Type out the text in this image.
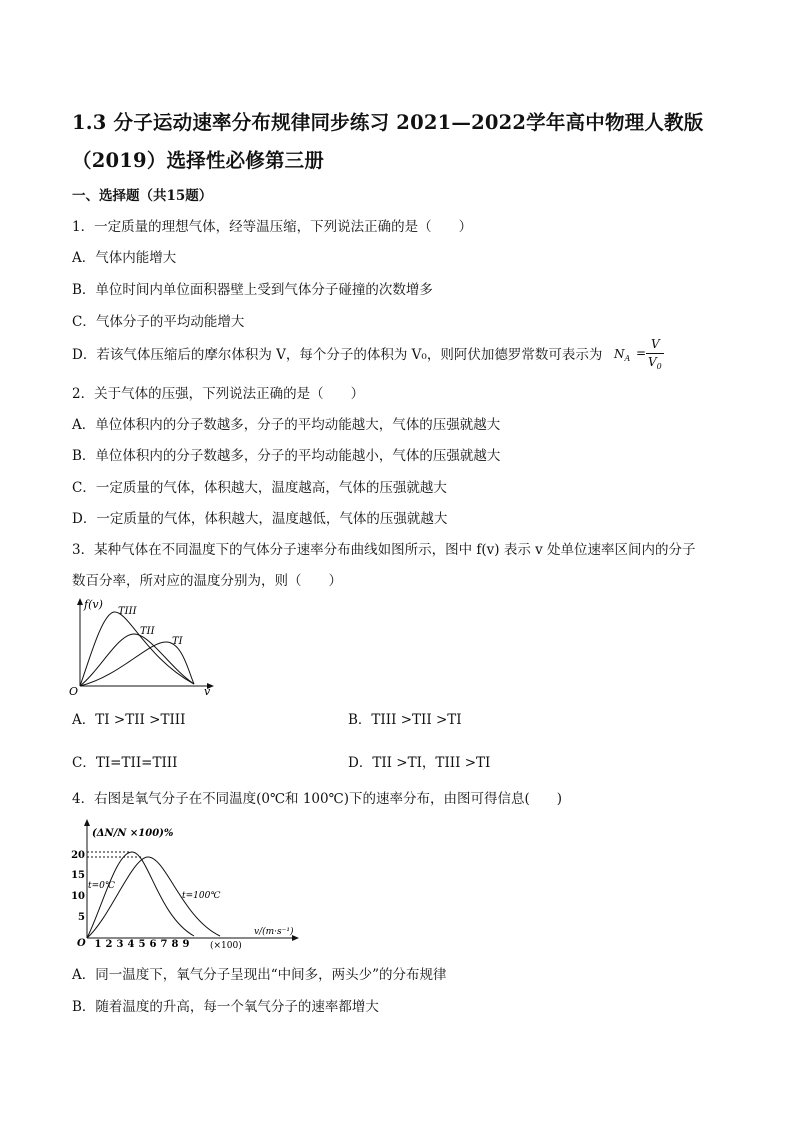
1.3 分子运动速率分布规律同步练习 2021—2022学年高中物理人教版（2019）选择性必修第三册
一、选择题（共15题）
1．一定质量的理想气体，经等温压缩，下列说法正确的是（　　）
A．气体内能增大
B．单位时间内单位面积器壁上受到气体分子碰撞的次数增多
C．气体分子的平均动能增大
D．若该气体压缩后的摩尔体积为 V，每个分子的体积为 V₀，则阿伏加德罗常数可表示为 $N_A$ =
V
$V_0$
2．关于气体的压强，下列说法正确的是（　　）
A．单位体积内的分子数越多，分子的平均动能越大，气体的压强就越大
B．单位体积内的分子数越多，分子的平均动能越小，气体的压强就越大
C．一定质量的气体，体积越大，温度越高，气体的压强就越大
D．一定质量的气体，体积越大，温度越低，气体的压强就越大
3．某种气体在不同温度下的气体分子速率分布曲线如图所示，图中 f(v) 表示 v 处单位速率区间内的分子
数百分率，所对应的温度分别为，则（　　）
f(v)
v
O
TIII
TII
TI
A．TI >TII >TIII	B．TIII >TII >TI
C．TI=TII=TIII	D．TII >TI，TIII >TI
4．右图是氧气分子在不同温度(0℃和 100℃)下的速率分布，由图可得信息(　　)
(ΔN/N ×100)%
O
v/(m·s⁻¹)
(×100)
20
15
10
5
1 2 3 4 5 6 7 8 9
t=0℃
t=100℃
A．同一温度下，氧气分子呈现出“中间多，两头少”的分布规律
B．随着温度的升高，每一个氧气分子的速率都增大
